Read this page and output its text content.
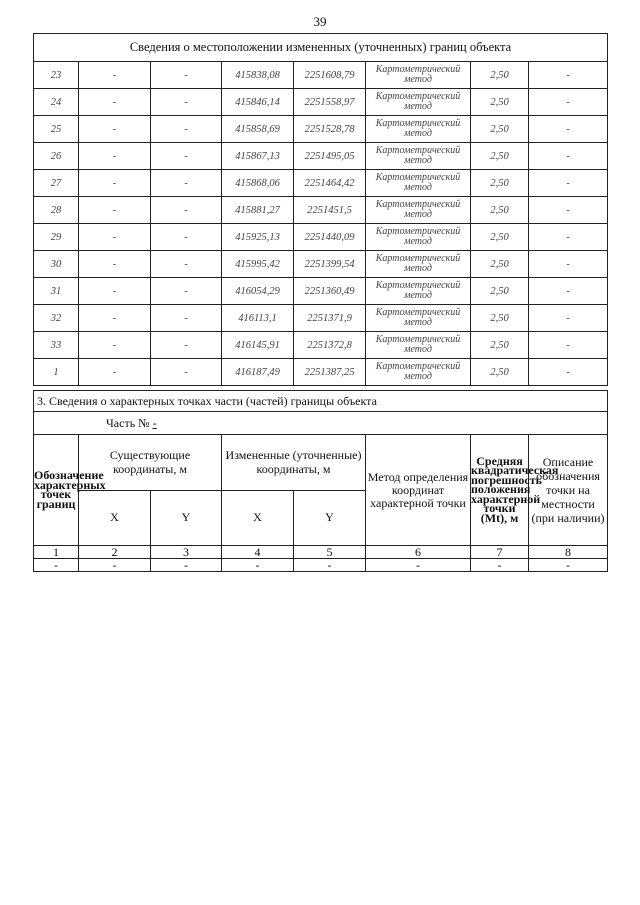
39
Сведения о местоположении измененных (уточненных) границ объекта							
23	-	-	415838,08	2251608,79	Картометрический метод	2,50	-
24	-	-	415846,14	2251558,97	Картометрический метод	2,50	-
25	-	-	415858,69	2251528,78	Картометрический метод	2,50	-
26	-	-	415867,13	2251495,05	Картометрический метод	2,50	-
27	-	-	415868,06	2251464,42	Картометрический метод	2,50	-
28	-	-	415881,27	2251451,5	Картометрический метод	2,50	-
29	-	-	415925,13	2251440,09	Картометрический метод	2,50	-
30	-	-	415995,42	2251399,54	Картометрический метод	2,50	-
31	-	-	416054,29	2251360,49	Картометрический метод	2,50	-
32	-	-	416113,1	2251371,9	Картометрический метод	2,50	-
33	-	-	416145,91	2251372,8	Картометрический метод	2,50	-
1	-	-	416187,49	2251387,25	Картометрический метод	2,50	-
3. Сведения о характерных точках части (частей) границы объекта							
Часть № -							
Обозначение характерных точек границ	Существующие координаты, м		Измененные (уточненные) координаты, м		Метод определения координат характерной точки	Средняя квадратическая погрешность положения характерной точки (Mt), м	Описание обозначения точки на местности (при наличии)
	X	Y	X	Y			
1	2	3	4	5	6	7	8
-	-	-	-	-	-	-	-
